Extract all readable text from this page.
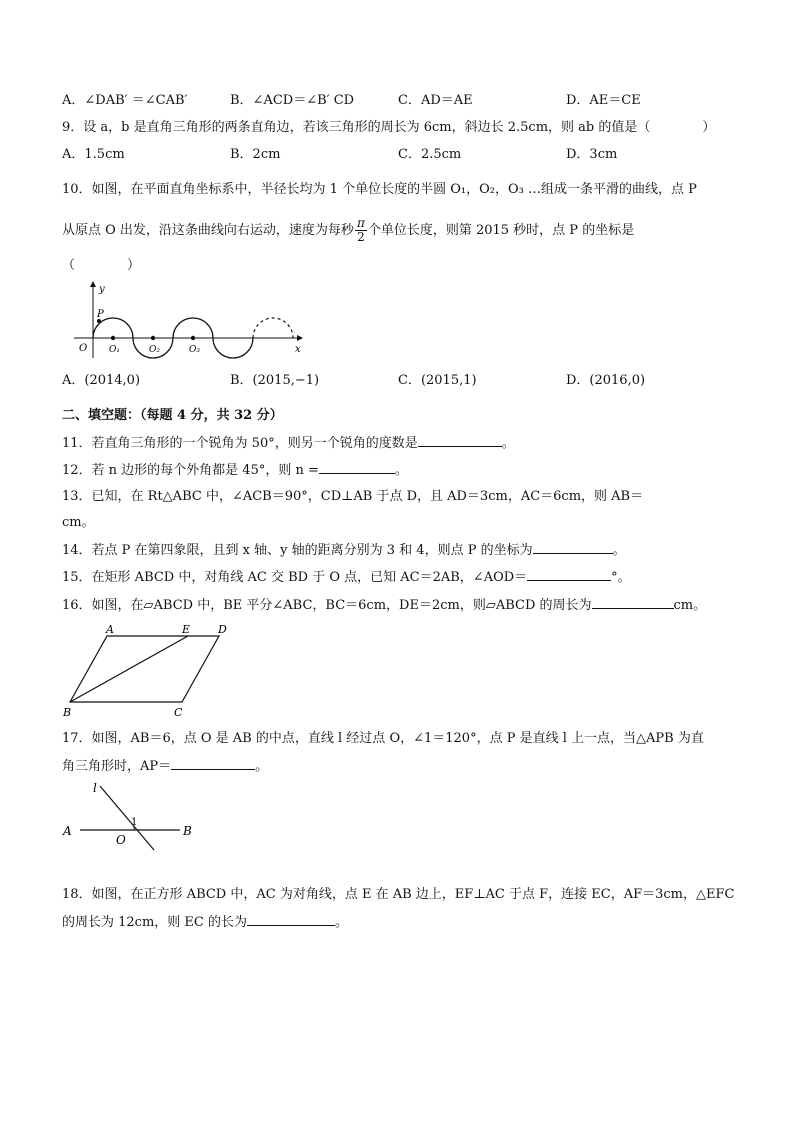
A．∠DAB′ ＝∠CAB′	B．∠ACD＝∠B′ CD	C．AD＝AE	D．AE＝CE
9．设 a，b 是直角三角形的两条直角边，若该三角形的周长为 6cm，斜边长 2.5cm，则 ab 的值是（　　　　）
A．1.5cm	B．2cm	C．2.5cm	D．3cm
10．如图，在平面直角坐标系中，半径长均为 1 个单位长度的半圆 O₁，O₂，O₃ …组成一条平滑的曲线，点 P
从原点 O 出发，沿这条曲线向右运动，速度为每秒 $\frac{\pi}{2}$ 个单位长度，则第 2015 秒时，点 P 的坐标是
（　　　　）
y
x
O
P
O₁	O₂	O₃
A．(2014,0)	B．(2015,−1)	C．(2015,1)	D．(2016,0)
二、填空题：（每题 4 分，共 32 分）
11．若直角三角形的一个锐角为 50°，则另一个锐角的度数是	。
12．若 n 边形的每个外角都是 45°，则 n =	。
13．已知，在 Rt△ABC 中，∠ACB＝90°，CD⊥AB 于点 D，且 AD＝3cm，AC＝6cm，则 AB＝
cm。
14．若点 P 在第四象限，且到 x 轴、y 轴的距离分别为 3 和 4，则点 P 的坐标为	。
15．在矩形 ABCD 中，对角线 AC 交 BD 于 O 点，已知 AC＝2AB，∠AOD＝	°。
16．如图，在▱ABCD 中，BE 平分∠ABC，BC＝6cm，DE＝2cm，则▱ABCD 的周长为	cm。
A	E	D
B	C
17．如图，AB＝6，点 O 是 AB 的中点，直线 l 经过点 O，∠1＝120°，点 P 是直线 l 上一点，当△APB 为直
角三角形时，AP＝	。
l
A	B
O
1
18．如图，在正方形 ABCD 中，AC 为对角线，点 E 在 AB 边上，EF⊥AC 于点 F，连接 EC，AF＝3cm，△EFC
的周长为 12cm，则 EC 的长为	。
